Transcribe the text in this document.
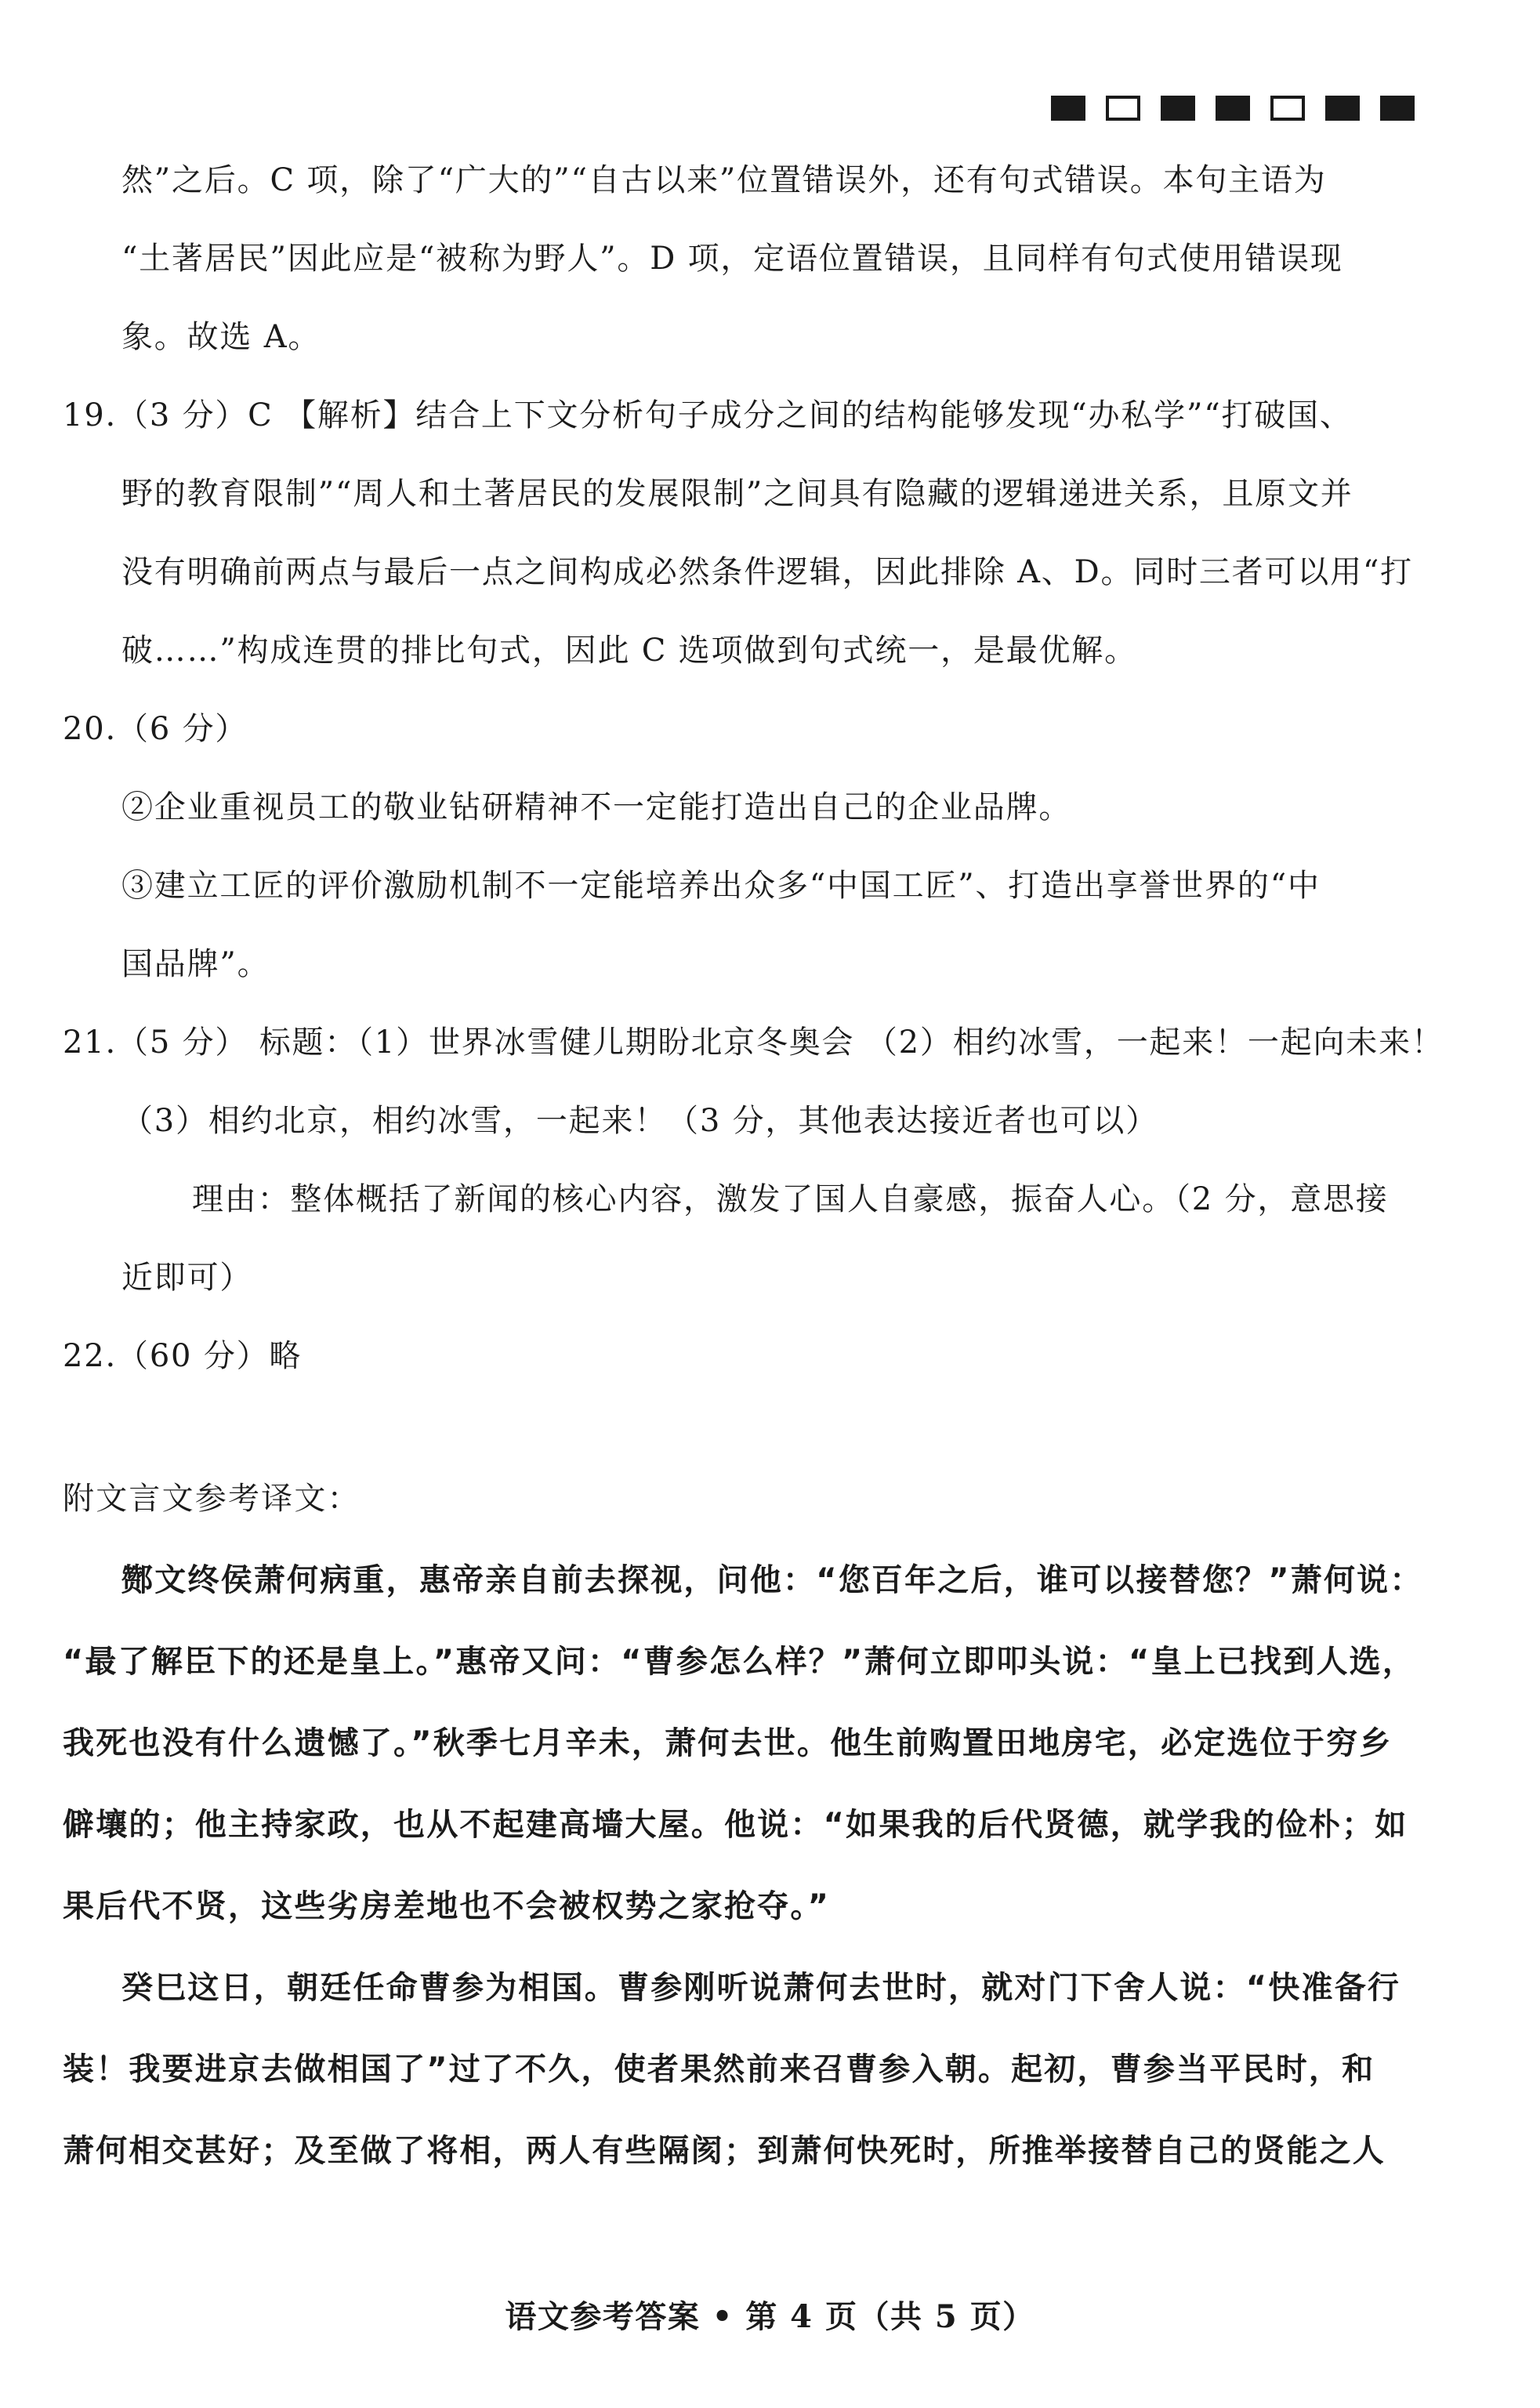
然”之后。C 项，除了“广大的”“自古以来”位置错误外，还有句式错误。本句主语为
“土著居民”因此应是“被称为野人”。D 项，定语位置错误，且同样有句式使用错误现
象。故选 A。
19.（3 分）C 【解析】结合上下文分析句子成分之间的结构能够发现“办私学”“打破国、
野的教育限制”“周人和土著居民的发展限制”之间具有隐藏的逻辑递进关系，且原文并
没有明确前两点与最后一点之间构成必然条件逻辑，因此排除 A、D。同时三者可以用“打
破……”构成连贯的排比句式，因此 C 选项做到句式统一，是最优解。
20.（6 分）
②企业重视员工的敬业钻研精神不一定能打造出自己的企业品牌。
③建立工匠的评价激励机制不一定能培养出众多“中国工匠”、打造出享誉世界的“中
国品牌”。
21.（5 分） 标题：（1）世界冰雪健儿期盼北京冬奥会 （2）相约冰雪，一起来！一起向未来！
（3）相约北京，相约冰雪，一起来！（3 分，其他表达接近者也可以）
理由：整体概括了新闻的核心内容，激发了国人自豪感，振奋人心。（2 分，意思接
近即可）
22.（60 分）略
附文言文参考译文：
酂文终侯萧何病重，惠帝亲自前去探视，问他：“您百年之后，谁可以接替您？”萧何说：
“最了解臣下的还是皇上。”惠帝又问：“曹参怎么样？”萧何立即叩头说：“皇上已找到人选，
我死也没有什么遗憾了。”秋季七月辛未，萧何去世。他生前购置田地房宅，必定选位于穷乡
僻壤的；他主持家政，也从不起建高墙大屋。他说：“如果我的后代贤德，就学我的俭朴；如
果后代不贤，这些劣房差地也不会被权势之家抢夺。”
癸巳这日，朝廷任命曹参为相国。曹参刚听说萧何去世时，就对门下舍人说：“快准备行
装！我要进京去做相国了”过了不久，使者果然前来召曹参入朝。起初，曹参当平民时，和
萧何相交甚好；及至做了将相，两人有些隔阂；到萧何快死时，所推举接替自己的贤能之人
语文参考答案 • 第 4 页（共 5 页）
